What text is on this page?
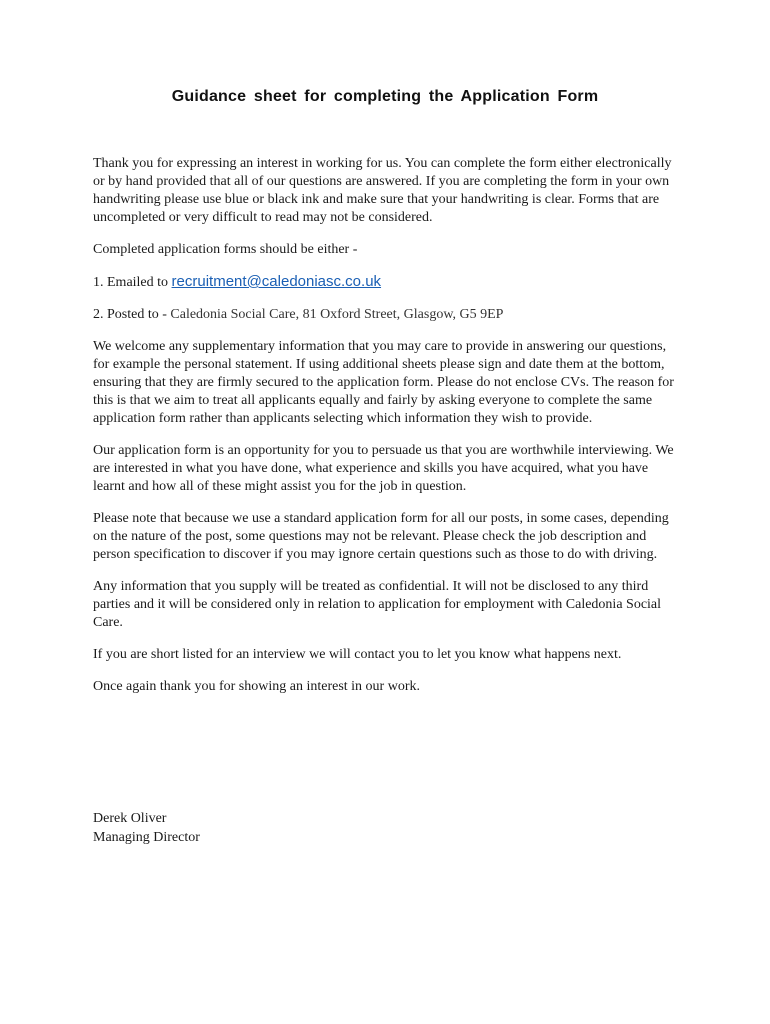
Guidance sheet for completing the Application Form

Thank you for expressing an interest in working for us. You can complete the form either electronically or by hand provided that all of our questions are answered. If you are completing the form in your own handwriting please use blue or black ink and make sure that your handwriting is clear. Forms that are uncompleted or very difficult to read may not be considered.

Completed application forms should be either -

1. Emailed to recruitment@caledoniasc.co.uk

2. Posted to - Caledonia Social Care, 81 Oxford Street, Glasgow, G5 9EP

We welcome any supplementary information that you may care to provide in answering our questions, for example the personal statement. If using additional sheets please sign and date them at the bottom, ensuring that they are firmly secured to the application form. Please do not enclose CVs. The reason for this is that we aim to treat all applicants equally and fairly by asking everyone to complete the same application form rather than applicants selecting which information they wish to provide.

Our application form is an opportunity for you to persuade us that you are worthwhile interviewing. We are interested in what you have done, what experience and skills you have acquired, what you have learnt and how all of these might assist you for the job in question.

Please note that because we use a standard application form for all our posts, in some cases, depending on the nature of the post, some questions may not be relevant. Please check the job description and person specification to discover if you may ignore certain questions such as those to do with driving.

Any information that you supply will be treated as confidential. It will not be disclosed to any third parties and it will be considered only in relation to application for employment with Caledonia Social Care.

If you are short listed for an interview we will contact you to let you know what happens next.

Once again thank you for showing an interest in our work.

Derek Oliver
Managing Director
